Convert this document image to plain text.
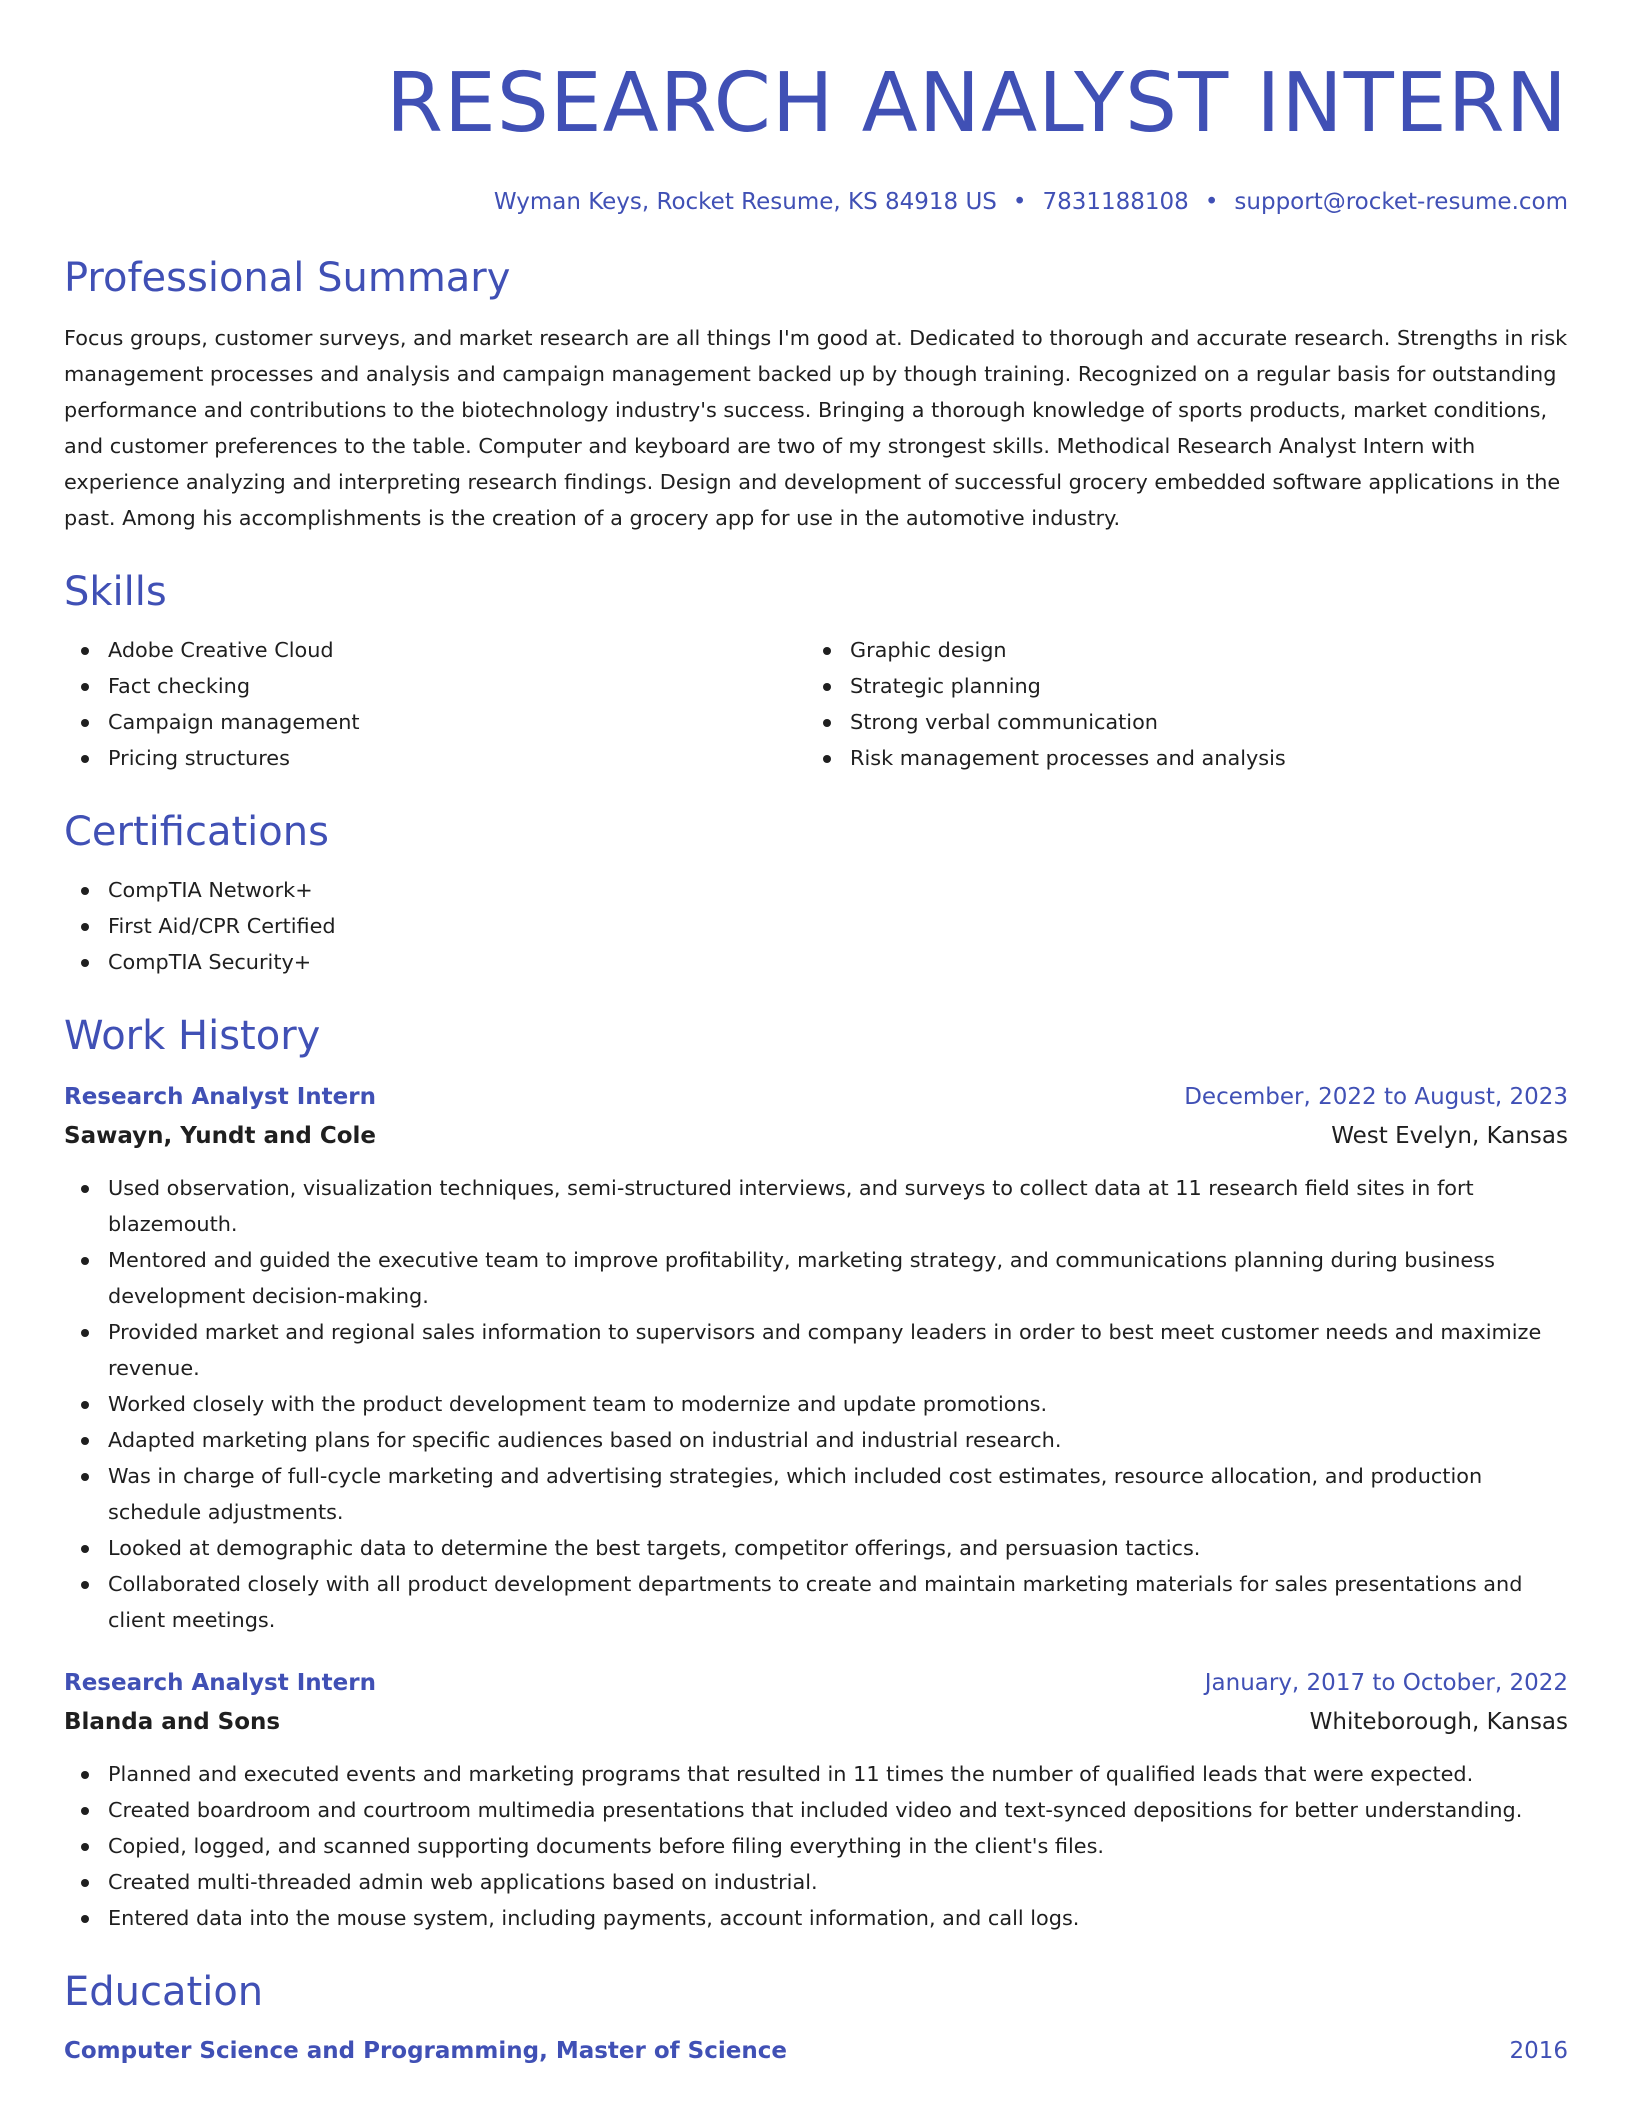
RESEARCH ANALYST INTERN
Wyman Keys, Rocket Resume, KS 84918 US • 7831188108 • support@rocket-resume.com
Professional Summary

Focus groups, customer surveys, and market research are all things I'm good at. Dedicated to thorough and accurate research. Strengths in risk management processes and analysis and campaign management backed up by though training. Recognized on a regular basis for outstanding performance and contributions to the biotechnology industry's success. Bringing a thorough knowledge of sports products, market conditions, and customer preferences to the table. Computer and keyboard are two of my strongest skills. Methodical Research Analyst Intern with experience analyzing and interpreting research findings. Design and development of successful grocery embedded software applications in the past. Among his accomplishments is the creation of a grocery app for use in the automotive industry.

Skills
Adobe Creative Cloud
Fact checking
Campaign management
Pricing structures
Graphic design
Strategic planning
Strong verbal communication
Risk management processes and analysis
Certifications
CompTIA Network+
First Aid/CPR Certified
CompTIA Security+
Work History
Research Analyst Intern	December, 2022 to August, 2023
Sawayn, Yundt and Cole	West Evelyn, Kansas
Used observation, visualization techniques, semi-structured interviews, and surveys to collect data at 11 research field sites in fort blazemouth.
Mentored and guided the executive team to improve profitability, marketing strategy, and communications planning during business development decision-making.
Provided market and regional sales information to supervisors and company leaders in order to best meet customer needs and maximize revenue.
Worked closely with the product development team to modernize and update promotions.
Adapted marketing plans for specific audiences based on industrial and industrial research.
Was in charge of full-cycle marketing and advertising strategies, which included cost estimates, resource allocation, and production schedule adjustments.
Looked at demographic data to determine the best targets, competitor offerings, and persuasion tactics.
Collaborated closely with all product development departments to create and maintain marketing materials for sales presentations and client meetings.
Research Analyst Intern	January, 2017 to October, 2022
Blanda and Sons	Whiteborough, Kansas
Planned and executed events and marketing programs that resulted in 11 times the number of qualified leads that were expected.
Created boardroom and courtroom multimedia presentations that included video and text-synced depositions for better understanding.
Copied, logged, and scanned supporting documents before filing everything in the client's files.
Created multi-threaded admin web applications based on industrial.
Entered data into the mouse system, including payments, account information, and call logs.
Education
Computer Science and Programming, Master of Science	2016
